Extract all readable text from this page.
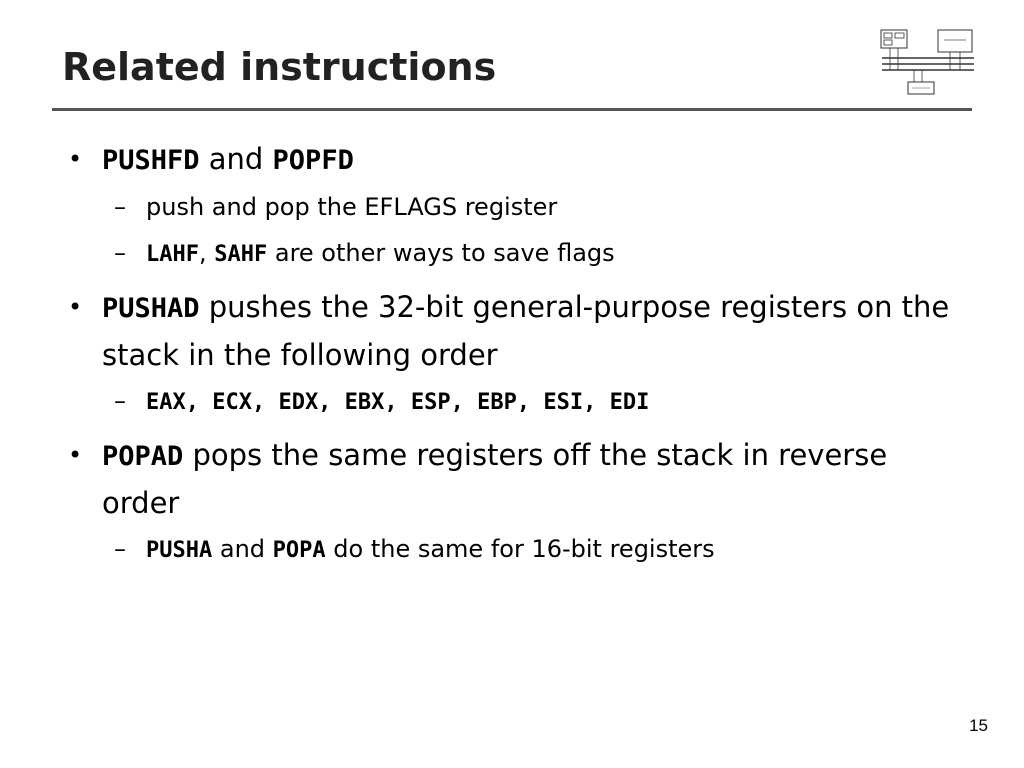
Related instructions
• PUSHFD and POPFD
– push and pop the EFLAGS register
– LAHF, SAHF are other ways to save flags
• PUSHAD pushes the 32-bit general-purpose registers on the stack in the following order
– EAX, ECX, EDX, EBX, ESP, EBP, ESI, EDI
• POPAD pops the same registers off the stack in reverse order
– PUSHA and POPA do the same for 16-bit registers
15
